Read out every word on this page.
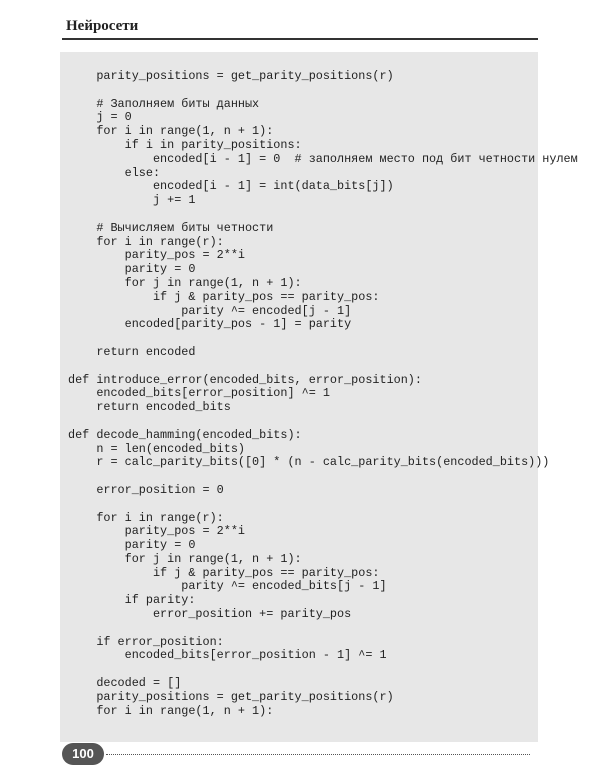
Нейросети
parity_positions = get_parity_positions(r)
# Заполняем биты данных
j = 0
for i in range(1, n + 1):
if i in parity_positions:
encoded[i - 1] = 0  # заполняем место под бит четности нулем
else:
encoded[i - 1] = int(data_bits[j])
j += 1
# Вычисляем биты четности
for i in range(r):
parity_pos = 2**i
parity = 0
for j in range(1, n + 1):
if j & parity_pos == parity_pos:
parity ^= encoded[j - 1]
encoded[parity_pos - 1] = parity
return encoded
def introduce_error(encoded_bits, error_position):
encoded_bits[error_position] ^= 1
return encoded_bits
def decode_hamming(encoded_bits):
n = len(encoded_bits)
r = calc_parity_bits([0] * (n - calc_parity_bits(encoded_bits)))
error_position = 0
for i in range(r):
parity_pos = 2**i
parity = 0
for j in range(1, n + 1):
if j & parity_pos == parity_pos:
parity ^= encoded_bits[j - 1]
if parity:
error_position += parity_pos
if error_position:
encoded_bits[error_position - 1] ^= 1
decoded = []
parity_positions = get_parity_positions(r)
for i in range(1, n + 1):
100
